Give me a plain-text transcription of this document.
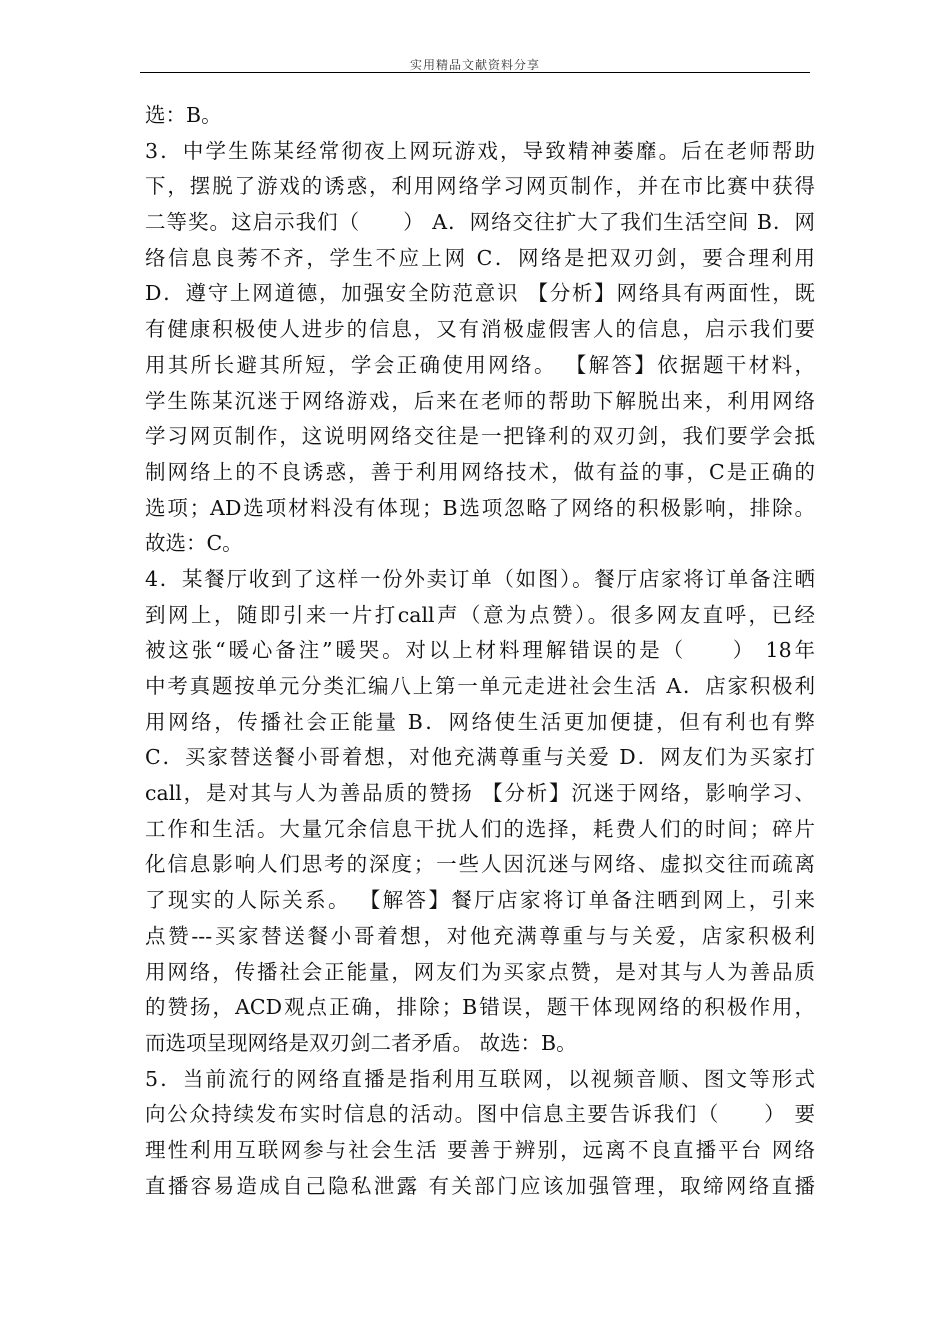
实用精品文献资料分享
选：B。
3．中学生陈某经常彻夜上网玩游戏，导致精神萎靡。后在老师帮助
下，摆脱了游戏的诱惑，利用网络学习网页制作，并在市比赛中获得
二等奖。这启示我们（　　） A．网络交往扩大了我们生活空间 B．网
络信息良莠不齐，学生不应上网 C．网络是把双刃剑，要合理利用
D．遵守上网道德，加强安全防范意识 【分析】网络具有两面性，既
有健康积极使人进步的信息，又有消极虚假害人的信息，启示我们要
用其所长避其所短，学会正确使用网络。 【解答】依据题干材料，
学生陈某沉迷于网络游戏，后来在老师的帮助下解脱出来，利用网络
学习网页制作，这说明网络交往是一把锋利的双刃剑，我们要学会抵
制网络上的不良诱惑，善于利用网络技术，做有益的事，C是正确的
选项；AD选项材料没有体现；B选项忽略了网络的积极影响，排除。
故选：C。
4．某餐厅收到了这样一份外卖订单（如图）。餐厅店家将订单备注晒
到网上，随即引来一片打call声（意为点赞）。很多网友直呼，已经
被这张“暖心备注”暖哭。对以上材料理解错误的是（　　） 18年
中考真题按单元分类汇编八上第一单元走进社会生活 A．店家积极利
用网络，传播社会正能量 B．网络使生活更加便捷，但有利也有弊
C．买家替送餐小哥着想，对他充满尊重与关爱 D．网友们为买家打
call，是对其与人为善品质的赞扬 【分析】沉迷于网络，影响学习、
工作和生活。大量冗余信息干扰人们的选择，耗费人们的时间；碎片
化信息影响人们思考的深度；一些人因沉迷与网络、虚拟交往而疏离
了现实的人际关系。 【解答】餐厅店家将订单备注晒到网上，引来
点赞---买家替送餐小哥着想，对他充满尊重与与关爱，店家积极利
用网络，传播社会正能量，网友们为买家点赞，是对其与人为善品质
的赞扬，ACD观点正确，排除；B错误，题干体现网络的积极作用，
而选项呈现网络是双刃剑二者矛盾。 故选：B。
5．当前流行的网络直播是指利用互联网，以视频音顺、图文等形式
向公众持续发布实时信息的活动。图中信息主要告诉我们（　　） 要
理性利用互联网参与社会生活 要善于辨别，远离不良直播平台 网络
直播容易造成自己隐私泄露 有关部门应该加强管理，取缔网络直播
